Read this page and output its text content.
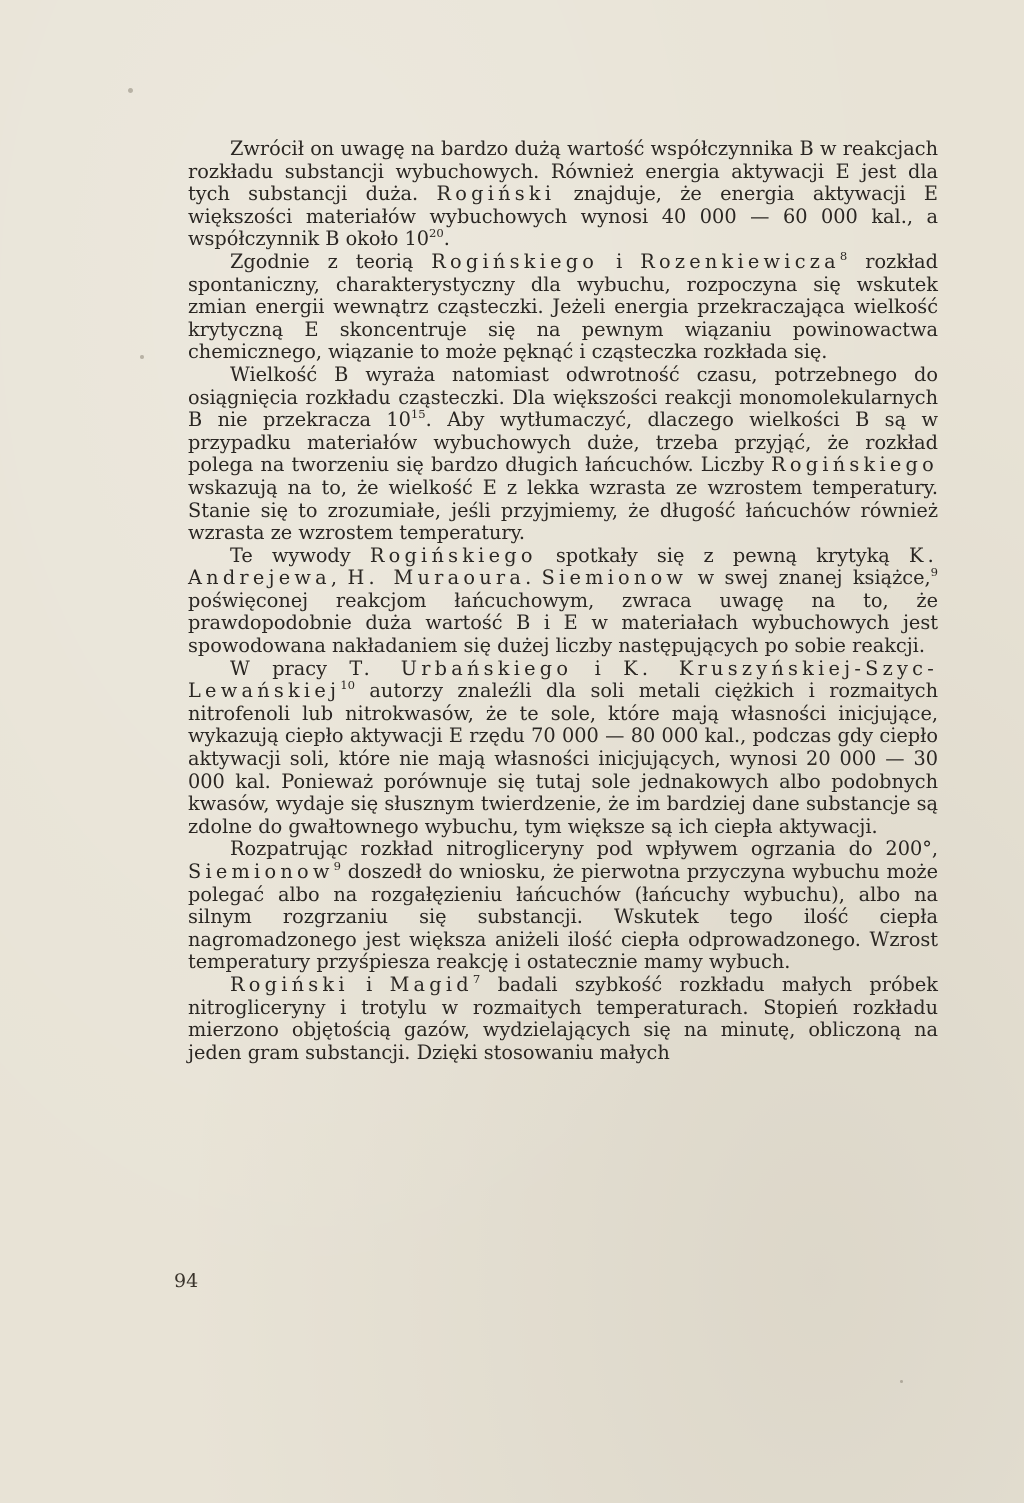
Zwrócił on uwagę na bardzo dużą wartość współczynnika B w reakcjach rozkładu substancji wybuchowych. Również energia aktywacji E jest dla tych substancji duża. Rogiński znajduje, że energia aktywacji E większości materiałów wybuchowych wynosi 40 000 — 60 000 kal., a współczynnik B około $10^{20}$.

Zgodnie z teorią Rogińskiego i Rozenkiewicza$^8$ rozkład spontaniczny, charakterystyczny dla wybuchu, rozpoczyna się wskutek zmian energii wewnątrz cząsteczki. Jeżeli energia przekraczająca wielkość krytyczną E skoncentruje się na pewnym wiązaniu powinowactwa chemicznego, wiązanie to może pęknąć i cząsteczka rozkłada się.

Wielkość B wyraża natomiast odwrotność czasu, potrzebnego do osiągnięcia rozkładu cząsteczki. Dla większości reakcji monomolekularnych B nie przekracza $10^{15}$. Aby wytłumaczyć, dlaczego wielkości B są w przypadku materiałów wybuchowych duże, trzeba przyjąć, że rozkład polega na tworzeniu się bardzo długich łańcuchów. Liczby Rogińskiego wskazują na to, że wielkość E z lekka wzrasta ze wzrostem temperatury. Stanie się to zrozumiałe, jeśli przyjmiemy, że długość łańcuchów również wzrasta ze wzrostem temperatury.

Te wywody Rogińskiego spotkały się z pewną krytyką K. Andrejewa, H. Muraoura. Siemionow w swej znanej książce,$^9$ poświęconej reakcjom łańcuchowym, zwraca uwagę na to, że prawdopodobnie duża wartość B i E w materiałach wybuchowych jest spowodowana nakładaniem się dużej liczby następujących po sobie reakcji.

W pracy T. Urbańskiego i K. Kruszyńskiej-Szyc-Lewańskiej$^{10}$ autorzy znaleźli dla soli metali ciężkich i rozmaitych nitrofenoli lub nitrokwasów, że te sole, które mają własności inicjujące, wykazują ciepło aktywacji E rzędu 70 000 — 80 000 kal., podczas gdy ciepło aktywacji soli, które nie mają własności inicjujących, wynosi 20 000 — 30 000 kal. Ponieważ porównuje się tutaj sole jednakowych albo podobnych kwasów, wydaje się słusznym twierdzenie, że im bardziej dane substancje są zdolne do gwałtownego wybuchu, tym większe są ich ciepła aktywacji.

Rozpatrując rozkład nitrogliceryny pod wpływem ogrzania do 200°, Siemionow$^9$ doszedł do wniosku, że pierwotna przyczyna wybuchu może polegać albo na rozgałęzieniu łańcuchów (łańcuchy wybuchu), albo na silnym rozgrzaniu się substancji. Wskutek tego ilość ciepła nagromadzonego jest większa aniżeli ilość ciepła odprowadzonego. Wzrost temperatury przyśpiesza reakcję i ostatecznie mamy wybuch.

Rogiński i Magid$^7$ badali szybkość rozkładu małych próbek nitrogliceryny i trotylu w rozmaitych temperaturach. Stopień rozkładu mierzono objętością gazów, wydzielających się na minutę, obliczoną na jeden gram substancji. Dzięki stosowaniu małych

94
